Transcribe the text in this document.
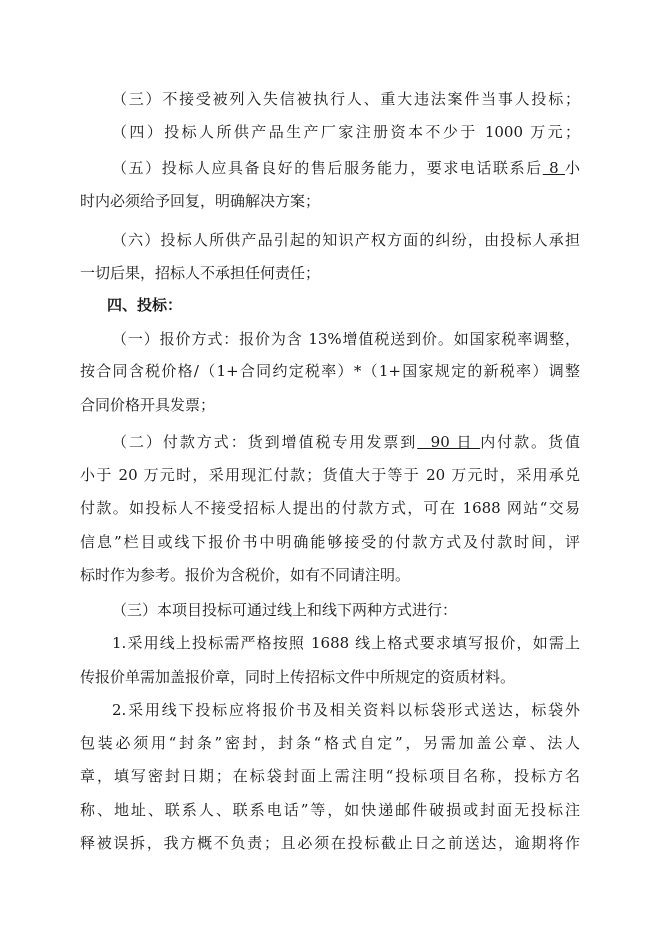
（三）不接受被列入失信被执行人、重大违法案件当事人投标；
（四）投标人所供产品生产厂家注册资本不少于 1000 万元；
（五）投标人应具备良好的售后服务能力，要求电话联系后 8 小
时内必须给予回复，明确解决方案；
（六）投标人所供产品引起的知识产权方面的纠纷，由投标人承担
一切后果，招标人不承担任何责任；
四、投标：
（一）报价方式：报价为含 13%增值税送到价。如国家税率调整，
按合同含税价格/（1+合同约定税率）*（1+国家规定的新税率）调整
合同价格开具发票；
（二）付款方式：货到增值税专用发票到  90 日 内付款。货值
小于 20 万元时，采用现汇付款；货值大于等于 20 万元时，采用承兑
付款。如投标人不接受招标人提出的付款方式，可在 1688 网站“交易
信息”栏目或线下报价书中明确能够接受的付款方式及付款时间，评
标时作为参考。报价为含税价，如有不同请注明。
（三）本项目投标可通过线上和线下两种方式进行：
1.采用线上投标需严格按照 1688 线上格式要求填写报价，如需上
传报价单需加盖报价章，同时上传招标文件中所规定的资质材料。
2.采用线下投标应将报价书及相关资料以标袋形式送达，标袋外
包装必须用“封条”密封，封条“格式自定”，另需加盖公章、法人
章，填写密封日期；在标袋封面上需注明“投标项目名称，投标方名
称、地址、联系人、联系电话”等，如快递邮件破损或封面无投标注
释被误拆，我方概不负责；且必须在投标截止日之前送达，逾期将作
